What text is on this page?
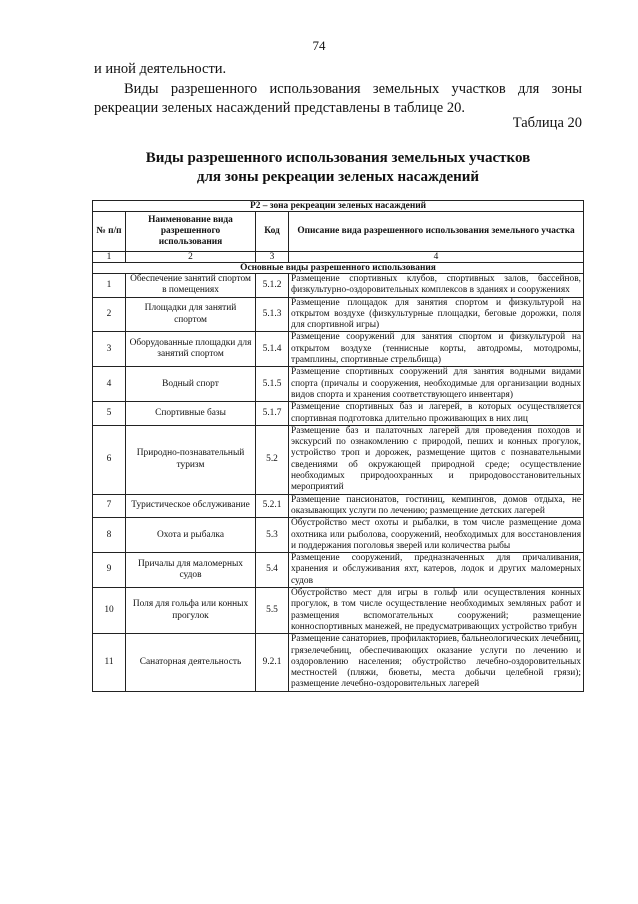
74
и иной деятельности.
Виды разрешенного использования земельных участков для зоны рекреации зеленых насаждений представлены в таблице 20.
Таблица 20
Виды разрешенного использования земельных участков
для зоны рекреации зеленых насаждений
Р2 – зона рекреации зеленых насаждений			
№ п/п	Наименование вида разрешенного использования	Код	Описание вида разрешенного использования земельного участка
1	2	3	4
Основные виды разрешенного использования			
1	Обеспечение занятий спортом в помещениях	5.1.2	Размещение спортивных клубов, спортивных залов, бассейнов, физкультурно-оздоровительных комплексов в зданиях и сооружениях
2	Площадки для занятий спортом	5.1.3	Размещение площадок для занятия спортом и физкультурой на открытом воздухе (физкультурные площадки, беговые дорожки, поля для спортивной игры)
3	Оборудованные площадки для занятий спортом	5.1.4	Размещение сооружений для занятия спортом и физкультурой на открытом воздухе (теннисные корты, автодромы, мотодромы, трамплины, спортивные стрельбища)
4	Водный спорт	5.1.5	Размещение спортивных сооружений для занятия водными видами спорта (причалы и сооружения, необходимые для организации водных видов спорта и хранения соответствующего инвентаря)
5	Спортивные базы	5.1.7	Размещение спортивных баз и лагерей, в которых осуществляется спортивная подготовка длительно проживающих в них лиц
6	Природно-познавательный туризм	5.2	Размещение баз и палаточных лагерей для проведения походов и экскурсий по ознакомлению с природой, пеших и конных прогулок, устройство троп и дорожек, размещение щитов с познавательными сведениями об окружающей природной среде; осуществление необходимых природоохранных и природовосстановительных мероприятий
7	Туристическое обслуживание	5.2.1	Размещение пансионатов, гостиниц, кемпингов, домов отдыха, не оказывающих услуги по лечению; размещение детских лагерей
8	Охота и рыбалка	5.3	Обустройство мест охоты и рыбалки, в том числе размещение дома охотника или рыболова, сооружений, необходимых для восстановления и поддержания поголовья зверей или количества рыбы
9	Причалы для маломерных судов	5.4	Размещение сооружений, предназначенных для причаливания, хранения и обслуживания яхт, катеров, лодок и других маломерных судов
10	Поля для гольфа или конных прогулок	5.5	Обустройство мест для игры в гольф или осуществления конных прогулок, в том числе осуществление необходимых земляных работ и размещения вспомогательных сооружений; размещение конноспортивных манежей, не предусматривающих устройство трибун
11	Санаторная деятельность	9.2.1	Размещение санаториев, профилакториев, бальнеологических лечебниц, грязелечебниц, обеспечивающих оказание услуги по лечению и оздоровлению населения; обустройство лечебно-оздоровительных местностей (пляжи, бюветы, места добычи целебной грязи); размещение лечебно-оздоровительных лагерей
